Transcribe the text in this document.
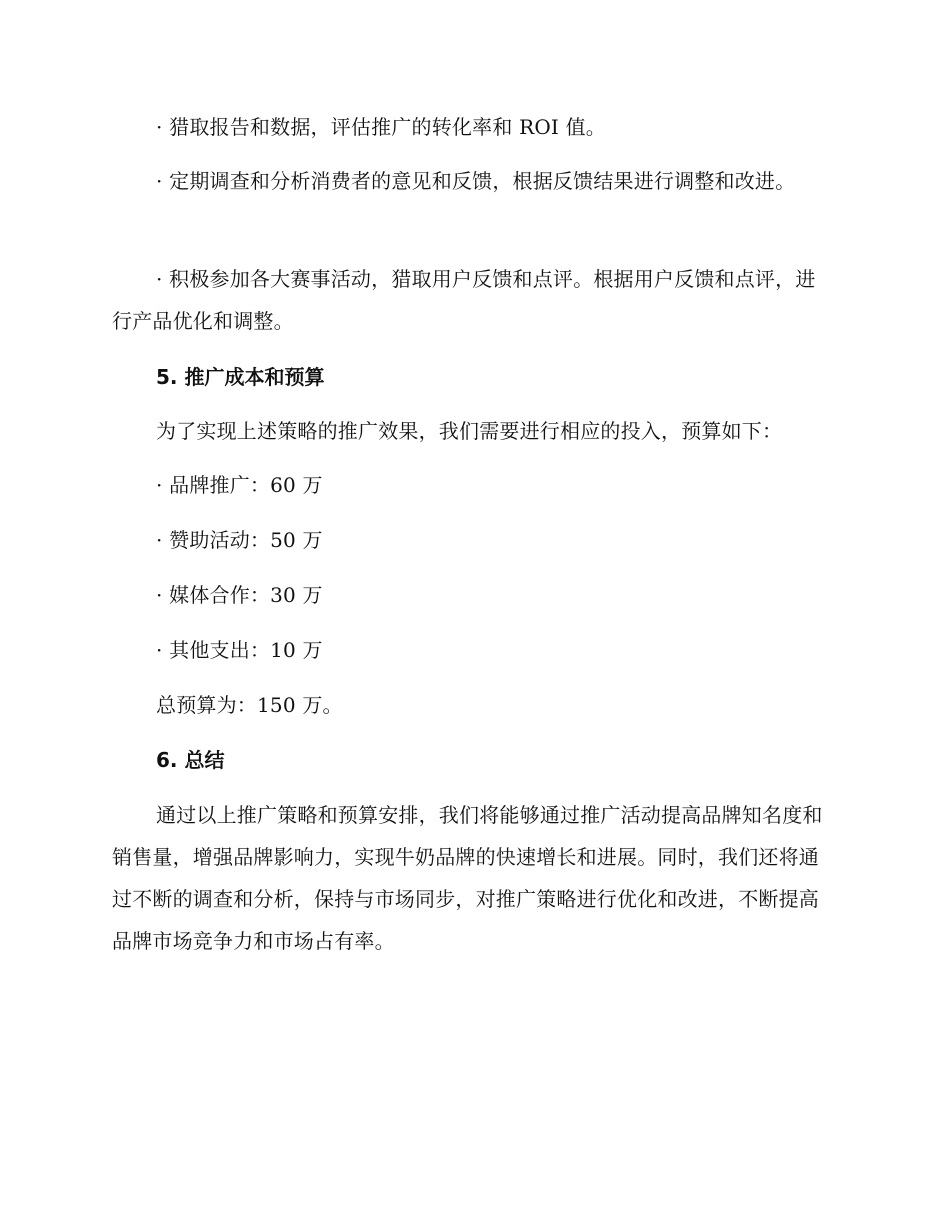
· 猎取报告和数据，评估推广的转化率和 ROI 值。

· 定期调查和分析消费者的意见和反馈，根据反馈结果进行调整和改进。

· 积极参加各大赛事活动，猎取用户反馈和点评。根据用户反馈和点评，进行产品优化和调整。

5. 推广成本和预算

为了实现上述策略的推广效果，我们需要进行相应的投入，预算如下：

· 品牌推广：60 万

· 赞助活动：50 万

· 媒体合作：30 万

· 其他支出：10 万

总预算为：150 万。

6. 总结

通过以上推广策略和预算安排，我们将能够通过推广活动提高品牌知名度和销售量，增强品牌影响力，实现牛奶品牌的快速增长和进展。同时，我们还将通过不断的调查和分析，保持与市场同步，对推广策略进行优化和改进，不断提高品牌市场竞争力和市场占有率。
